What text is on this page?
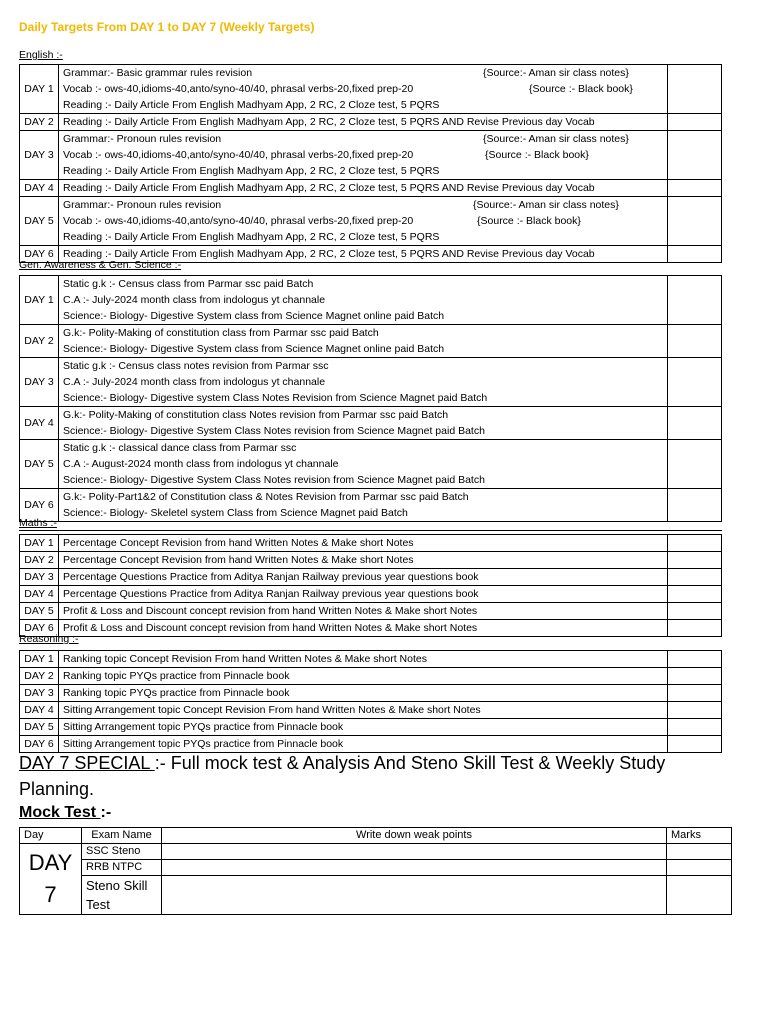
Daily Targets From DAY 1 to DAY 7 (Weekly Targets)
English :-
DAY 1	Grammar:- Basic grammar rules revision {Source:- Aman sir class notes}
Vocab :- ows-40,idioms-40,anto/syno-40/40, phrasal verbs-20,fixed prep-20 {Source :- Black book}
Reading :- Daily Article From English Madhyam App, 2 RC, 2 Cloze test, 5 PQRS	

DAY 2	Reading :- Daily Article From English Madhyam App, 2 RC, 2 Cloze test, 5 PQRS AND Revise Previous day Vocab	

DAY 3	Grammar:- Pronoun rules revision {Source:- Aman sir class notes}
Vocab :- ows-40,idioms-40,anto/syno-40/40, phrasal verbs-20,fixed prep-20 {Source :- Black book}
Reading :- Daily Article From English Madhyam App, 2 RC, 2 Cloze test, 5 PQRS	

DAY 4	Reading :- Daily Article From English Madhyam App, 2 RC, 2 Cloze test, 5 PQRS AND Revise Previous day Vocab	

DAY 5	Grammar:- Pronoun rules revision {Source:- Aman sir class notes}
Vocab :- ows-40,idioms-40,anto/syno-40/40, phrasal verbs-20,fixed prep-20 {Source :- Black book}
Reading :- Daily Article From English Madhyam App, 2 RC, 2 Cloze test, 5 PQRS	

DAY 6	Reading :- Daily Article From English Madhyam App, 2 RC, 2 Cloze test, 5 PQRS AND Revise Previous day Vocab	

Gen. Awareness & Gen. Science :-
DAY 1	Static g.k :- Census class from Parmar ssc paid Batch
C.A :- July-2024 month class from indologus yt channale
Science:- Biology- Digestive System class from Science Magnet online paid Batch	

DAY 2	G.k:- Polity-Making of constitution class from Parmar ssc paid Batch
Science:- Biology- Digestive System class from Science Magnet online paid Batch	

DAY 3	Static g.k :- Census class notes revision from Parmar ssc
C.A :- July-2024 month class from indologus yt channale
Science:- Biology- Digestive system Class Notes Revision from Science Magnet paid Batch	

DAY 4	G.k:- Polity-Making of constitution class Notes revision from Parmar ssc paid Batch
Science:- Biology- Digestive System Class Notes revision from Science Magnet paid Batch	

DAY 5	Static g.k :- classical dance class from Parmar ssc
C.A :- August-2024 month class from indologus yt channale
Science:- Biology- Digestive System Class Notes revision from Science Magnet paid Batch	

DAY 6	G.k:- Polity-Part1&2 of Constitution class & Notes Revision from Parmar ssc paid Batch
Science:- Biology- Skeletel system Class from Science Magnet paid Batch	

Maths :-
DAY 1	Percentage Concept Revision from hand Written Notes & Make short Notes	
DAY 2	Percentage Concept Revision from hand Written Notes & Make short Notes	
DAY 3	Percentage Questions Practice from Aditya Ranjan Railway previous year questions book	
DAY 4	Percentage Questions Practice from Aditya Ranjan Railway previous year questions book	
DAY 5	Profit & Loss and Discount concept revision from hand Written Notes & Make short Notes	
DAY 6	Profit & Loss and Discount concept revision from hand Written Notes & Make short Notes	
Reasoning :-
DAY 1	Ranking topic Concept Revision From hand Written Notes & Make short Notes	
DAY 2	Ranking topic PYQs practice from Pinnacle book	
DAY 3	Ranking topic PYQs practice from Pinnacle book	
DAY 4	Sitting Arrangement topic Concept Revision From hand Written Notes & Make short Notes	
DAY 5	Sitting Arrangement topic PYQs practice from Pinnacle book	
DAY 6	Sitting Arrangement topic PYQs practice from Pinnacle book	
DAY 7 SPECIAL :- Full mock test & Analysis And Steno Skill Test & Weekly Study Planning.
Mock Test :-
Day	Exam Name	Write down weak points	Marks
DAY 7	SSC Steno		
	RRB NTPC		
	Steno Skill Test		
